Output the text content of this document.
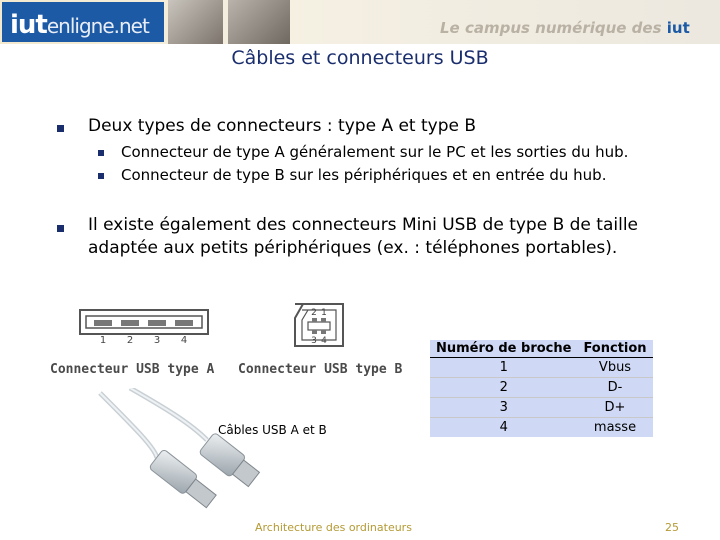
iutenligne.net	Le campus numérique des iut
Câbles et connecteurs USB
Deux types de connecteurs : type A et type B
Connecteur de type A généralement sur le PC et les sorties du hub.
Connecteur de type B sur les périphériques et en entrée du hub.
Il existe également des connecteurs Mini USB de type B de taille
adaptée aux petits périphériques (ex. : téléphones portables).
1 2 3 4
2 1
3 4
Connecteur USB type A Connecteur USB type B
Câbles USB A et B
Numéro de broche	Fonction
1	Vbus
2	D-
3	D+
4	masse
Architecture des ordinateurs	25
